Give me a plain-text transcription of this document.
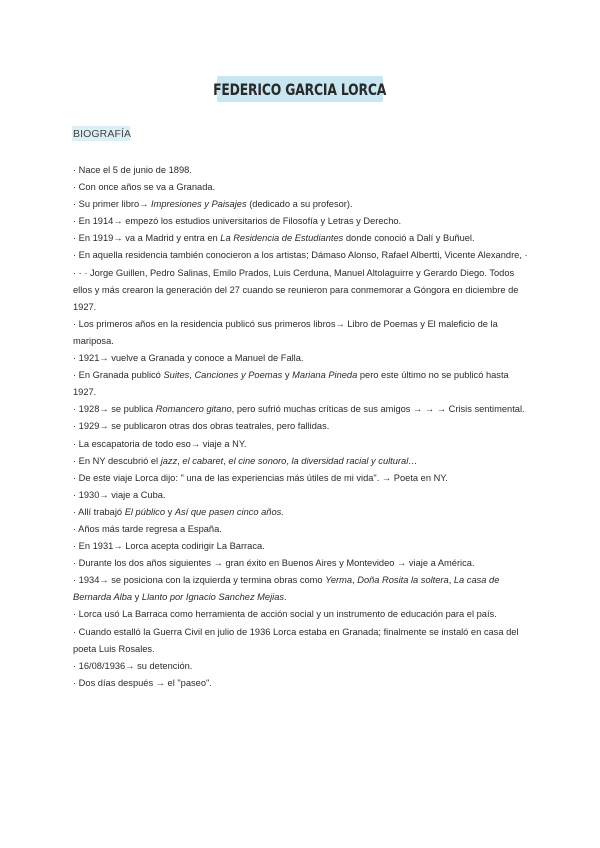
FEDERICO GARCIA LORCA
BIOGRAFÍA

· Nace el 5 de junio de 1898.

· Con once años se va a Granada.

· Su primer libro→ Impresiones y Paisajes (dedicado a su profesor).

· En 1914→ empezó los estudios universitarios de Filosofía y Letras y Derecho.

· En 1919→ va a Madrid y entra en La Residencia de Estudiantes donde conoció a Dalí y Buñuel.

· En aquella residencia también conocieron a los artistas; Dámaso Alonso, Rafael Albertti, Vicente Alexandre, · · · · Jorge Guillen, Pedro Salinas, Emilo Prados, Luis Cerduna, Manuel Altolaguirre y Gerardo Diego. Todos ellos y más crearon la generación del 27 cuando se reunieron para conmemorar a Góngora en diciembre de 1927.

· Los primeros años en la residencia publicó sus primeros libros→ Libro de Poemas y El maleficio de la mariposa.

· 1921→ vuelve a Granada y conoce a Manuel de Falla.

· En Granada publicó Suites, Canciones y Poemas y Mariana Pineda pero este último no se publicó hasta 1927.

· 1928→ se publica Romancero gitano, pero sufrió muchas críticas de sus amigos → → → Crisis sentimental.

· 1929→ se publicaron otras dos obras teatrales, pero fallidas.

· La escapatoria de todo eso→ viaje a NY.

· En NY descubrió el jazz, el cabaret, el cine sonoro, la diversidad racial y cultural…

· De este viaje Lorca dijo: " una de las experiencias más útiles de mi vida". → Poeta en NY.

· 1930→ viaje a Cuba.

· Allí trabajó El público y Así que pasen cinco años.

· Años más tarde regresa a España.

· En 1931→ Lorca acepta codirigir La Barraca.

· Durante los dos años siguientes → gran éxito en Buenos Aires y Montevideo → viaje a América.

· 1934→ se posiciona con la izquierda y termina obras como Yerma, Doña Rosita la soltera, La casa de Bernarda Alba y Llanto por Ignacio Sanchez Mejias.

· Lorca usó La Barraca como herramienta de acción social y un instrumento de educación para el país.

· Cuando estalló la Guerra Civil en julio de 1936 Lorca estaba en Granada; finalmente se instaló en casa del poeta Luis Rosales.

· 16/08/1936→ su detención.

· Dos días después → el "paseo".
